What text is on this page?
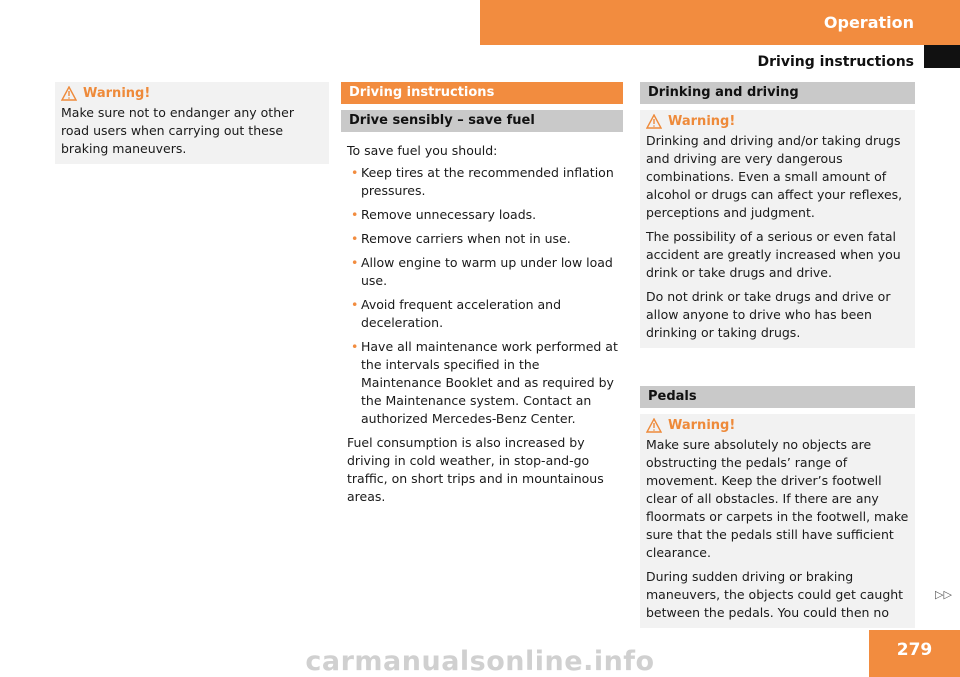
Operation
Driving instructions
Warning!

Make sure not to endanger any other road users when carrying out these braking maneuvers.

Driving instructions
Drive sensibly – save fuel
To save fuel you should:
• Keep tires at the recommended inflation pressures.
• Remove unnecessary loads.
• Remove carriers when not in use.
• Allow engine to warm up under low load use.
• Avoid frequent acceleration and deceleration.
• Have all maintenance work performed at the intervals specified in the Maintenance Booklet and as required by the Maintenance system. Contact an authorized Mercedes-Benz Center.
Fuel consumption is also increased by driving in cold weather, in stop-and-go traffic, on short trips and in mountainous areas.
Drinking and driving
Warning!

Drinking and driving and/or taking drugs and driving are very dangerous combinations. Even a small amount of alcohol or drugs can affect your reflexes, perceptions and judgment.

The possibility of a serious or even fatal accident are greatly increased when you drink or take drugs and drive.

Do not drink or take drugs and drive or allow anyone to drive who has been drinking or taking drugs.

Pedals
Warning!

Make sure absolutely no objects are obstructing the pedals’ range of movement. Keep the driver’s footwell clear of all obstacles. If there are any floormats or carpets in the footwell, make sure that the pedals still have sufficient clearance.

During sudden driving or braking maneuvers, the objects could get caught between the pedals. You could then no

▷▷
279
carmanualsonline.info
